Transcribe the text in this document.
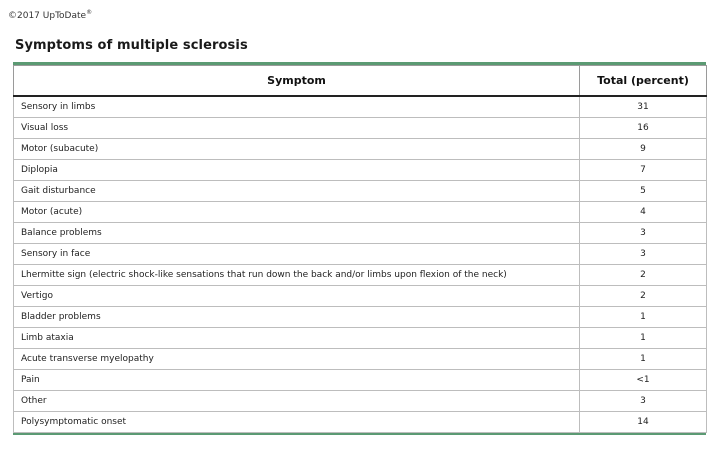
©2017 UpToDate®
Symptoms of multiple sclerosis
Symptom	Total (percent)
Sensory in limbs	31
Visual loss	16
Motor (subacute)	9
Diplopia	7
Gait disturbance	5
Motor (acute)	4
Balance problems	3
Sensory in face	3
Lhermitte sign (electric shock-like sensations that run down the back and/or limbs upon flexion of the neck)	2
Vertigo	2
Bladder problems	1
Limb ataxia	1
Acute transverse myelopathy	1
Pain	<1
Other	3
Polysymptomatic onset	14
